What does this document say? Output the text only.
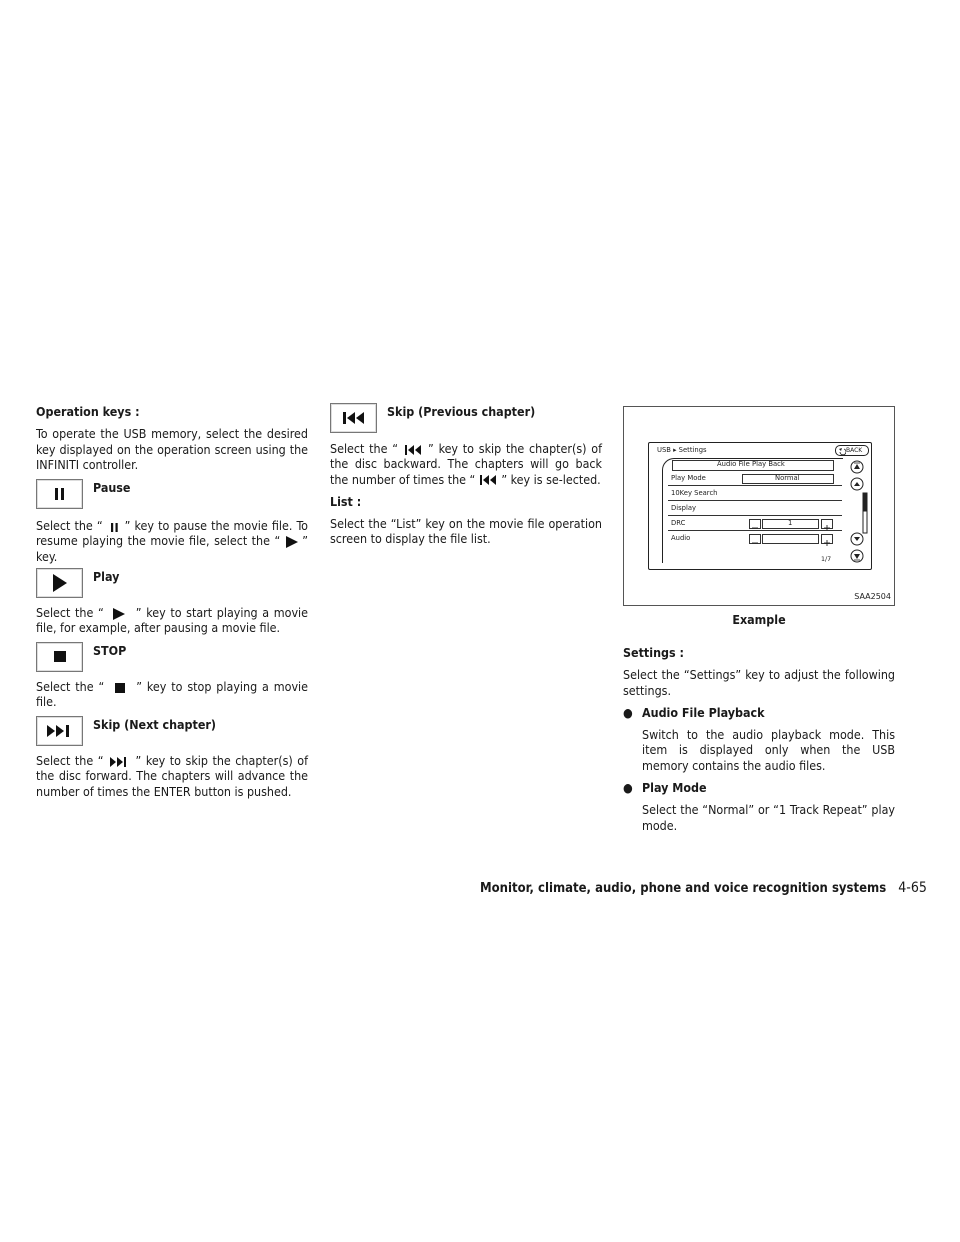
Operation keys :

To operate the USB memory, select the desired key displayed on the operation screen using the INFINITI controller.

Pause

Select the “ ” key to pause the movie file. To resume playing the movie file, select the “ ” key.

Play

Select the “	” key to start playing a movie file, for example, after pausing a movie file.

STOP

Select the “	” key to stop playing a movie file.

Skip (Next chapter)

Select the “	” key to skip the chapter(s) of the disc forward. The chapters will advance the number of times the ENTER button is pushed.

Skip (Previous chapter)

Select the “ ” key to skip the chapter(s) of the disc backward. The chapters will go back the number of times the “ ” key is se-lected.

List :

Select the “List” key on the movie file operation screen to display the file list.

USB ▸ Settings	BACK
Audio File Play Back
Play Mode	Normal
10Key Search
Display
DRC	1
Audio
1/7
SAA2504
Example

Settings :

Select the “Settings” key to adjust the following settings.

● Audio File Playback

Switch to the audio playback mode. This item is displayed only when the USB memory contains the audio files.

● Play Mode

Select the “Normal” or “1 Track Repeat” play mode.

Monitor, climate, audio, phone and voice recognition systems 4-65
